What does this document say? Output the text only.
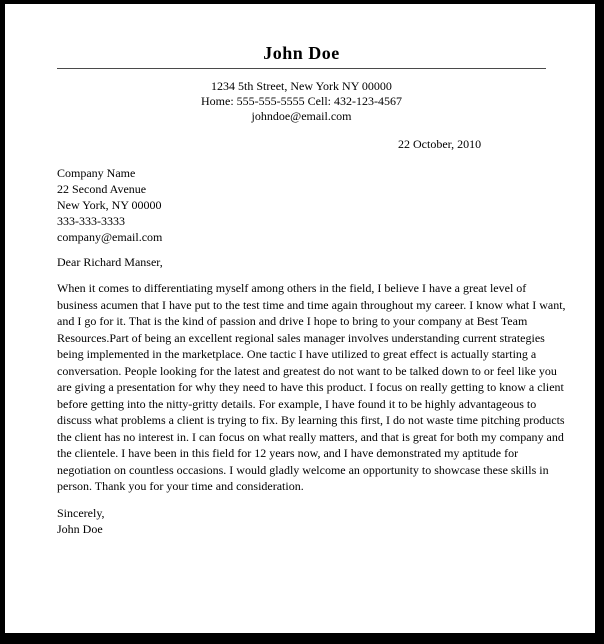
John Doe
1234 5th Street, New York NY 00000
Home: 555-555-5555 Cell: 432-123-4567
johndoe@email.com

22 October, 2010

Company Name
22 Second Avenue
New York, NY 00000
333-333-3333
company@email.com

Dear Richard Manser,

When it comes to differentiating myself among others in the field, I believe I have a great level of business acumen that I have put to the test time and time again throughout my career. I know what I want, and I go for it. That is the kind of passion and drive I hope to bring to your company at Best Team Resources.Part of being an excellent regional sales manager involves understanding current strategies being implemented in the marketplace. One tactic I have utilized to great effect is actually starting a conversation. People looking for the latest and greatest do not want to be talked down to or feel like you are giving a presentation for why they need to have this product. I focus on really getting to know a client before getting into the nitty-gritty details. For example, I have found it to be highly advantageous to discuss what problems a client is trying to fix. By learning this first, I do not waste time pitching products the client has no interest in. I can focus on what really matters, and that is great for both my company and the clientele. I have been in this field for 12 years now, and I have demonstrated my aptitude for negotiation on countless occasions. I would gladly welcome an opportunity to showcase these skills in person. Thank you for your time and consideration.

Sincerely,

John Doe
